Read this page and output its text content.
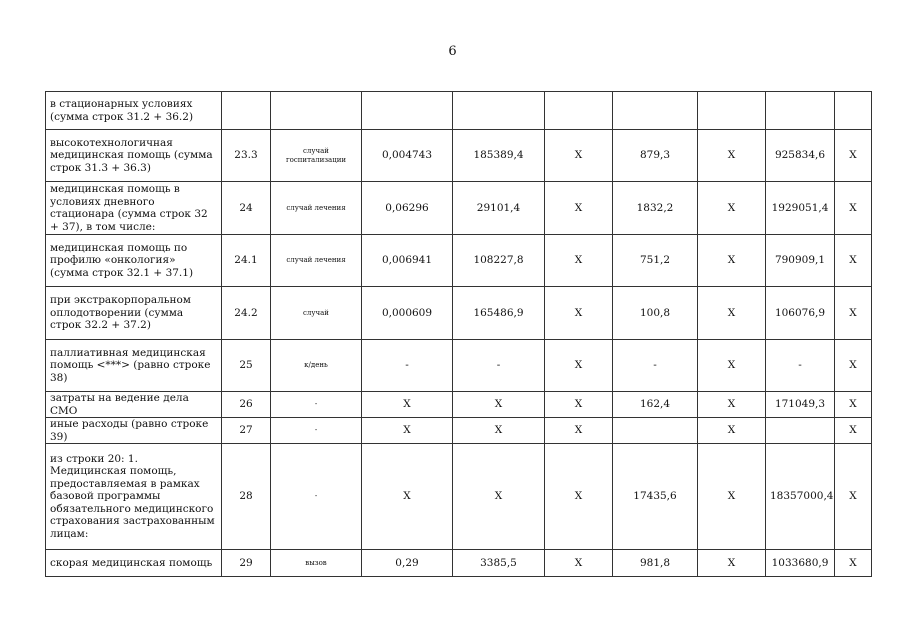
6
в стационарных условиях (сумма строк 31.2 + 36.2)									
высокотехнологичная медицинская помощь (сумма строк 31.3 + 36.3)	23.3	случай госпитализации	0,004743	185389,4	X	879,3	X	925834,6	X
медицинская помощь в условиях дневного стационара (сумма строк 32 + 37), в том числе:	24	случай лечения	0,06296	29101,4	X	1832,2	X	1929051,4	X
медицинская помощь по профилю «онкология» (сумма строк 32.1 + 37.1)	24.1	случай лечения	0,006941	108227,8	X	751,2	X	790909,1	X
при экстракорпоральном оплодотворении (сумма строк 32.2 + 37.2)	24.2	случай	0,000609	165486,9	X	100,8	X	106076,9	X
паллиативная медицинская помощь <***> (равно строке 38)	25	к/день	-	-	X	-	X	-	X
затраты на ведение дела СМО	26	-	X	X	X	162,4	X	171049,3	X
иные расходы (равно строке 39)	27	-	X	X	X		X		X
из строки 20: 1. Медицинская помощь, предоставляемая в рамках базовой программы обязательного медицинского страхования застрахованным лицам:	28	-	X	X	X	17435,6	X	18357000,4	X
скорая медицинская помощь	29	вызов	0,29	3385,5	X	981,8	X	1033680,9	X
